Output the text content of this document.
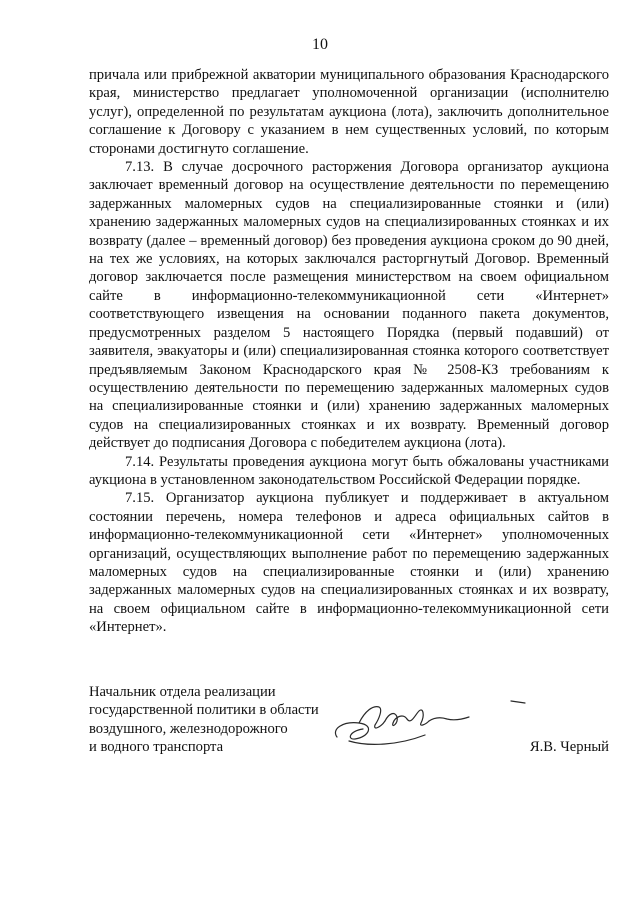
10

причала или прибрежной акватории муниципального образования Краснодарского края, министерство предлагает уполномоченной организации (исполнителю услуг), определенной по результатам аукциона (лота), заключить дополнительное соглашение к Договору с указанием в нем существенных условий, по которым сторонами достигнуто соглашение.

7.13. В случае досрочного расторжения Договора организатор аукциона заключает временный договор на осуществление деятельности по перемещению задержанных маломерных судов на специализированные стоянки и (или) хранению задержанных маломерных судов на специализированных стоянках и их возврату (далее – временный договор) без проведения аукциона сроком до 90 дней, на тех же условиях, на которых заключался расторгнутый Договор. Временный договор заключается после размещения министерством на своем официальном сайте в информационно-телекоммуникационной сети «Интернет» соответствующего извещения на основании поданного пакета документов, предусмотренных разделом 5 настоящего Порядка (первый подавший) от заявителя, эвакуаторы и (или) специализированная стоянка которого соответствует предъявляемым Законом Краснодарского края № 2508-КЗ требованиям к осуществлению деятельности по перемещению задержанных маломерных судов на специализированные стоянки и (или) хранению задержанных маломерных судов на специализированных стоянках и их возврату. Временный договор действует до подписания Договора с победителем аукциона (лота).

7.14. Результаты проведения аукциона могут быть обжалованы участниками аукциона в установленном законодательством Российской Федерации порядке.

7.15. Организатор аукциона публикует и поддерживает в актуальном состоянии перечень, номера телефонов и адреса официальных сайтов в информационно-телекоммуникационной сети «Интернет» уполномоченных организаций, осуществляющих выполнение работ по перемещению задержанных маломерных судов на специализированные стоянки и (или) хранению задержанных маломерных судов на специализированных стоянках и их возврату, на своем официальном сайте в информационно-телекоммуникационной сети «Интернет».

Начальник отдела реализации
государственной политики в области
воздушного, железнодорожного
и водного транспорта	Я.В. Черный
